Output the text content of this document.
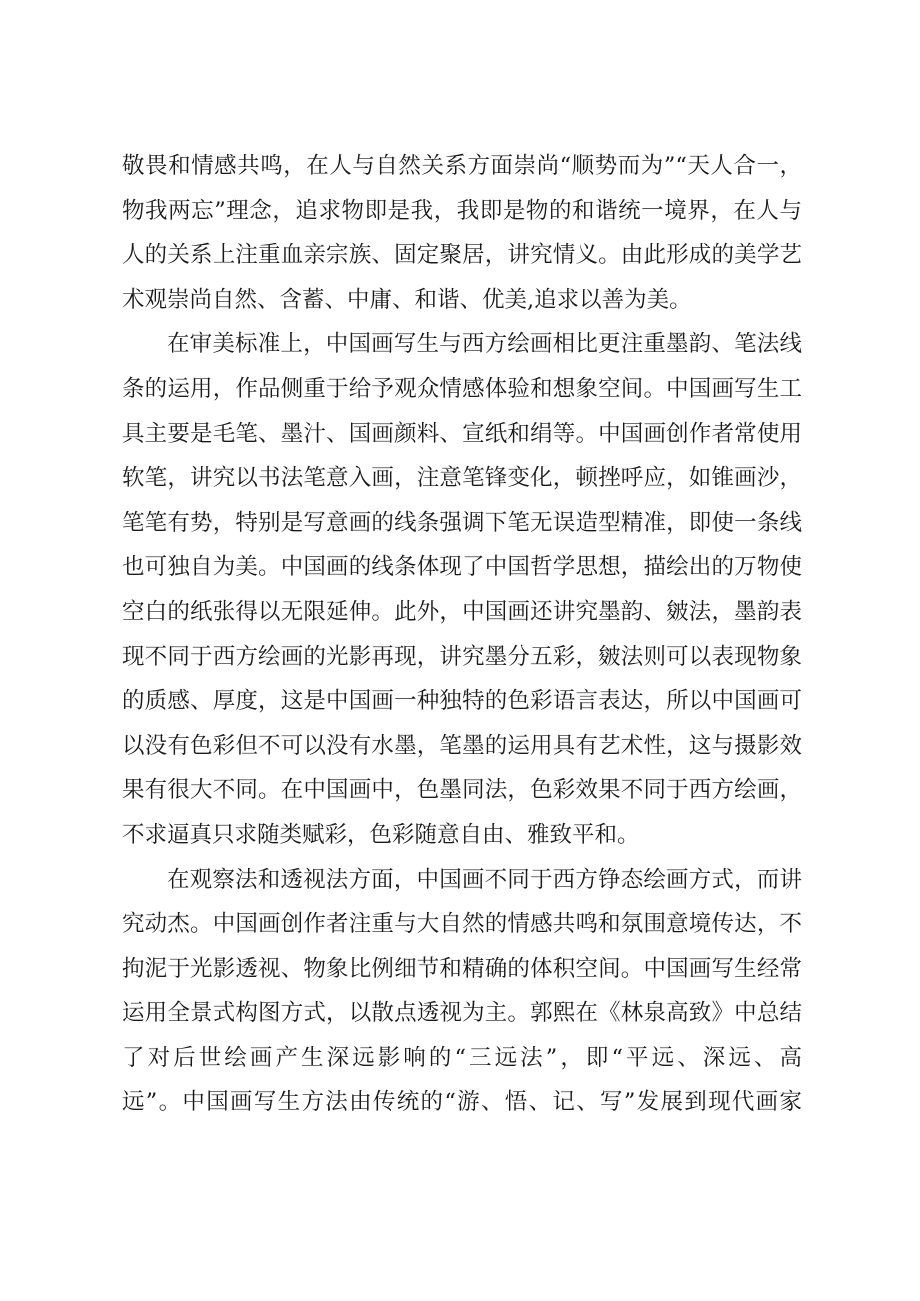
敬畏和情感共鸣，在人与自然关系方面崇尚“顺势而为”“天人合一，
物我两忘”理念，追求物即是我，我即是物的和谐统一境界，在人与
人的关系上注重血亲宗族、固定聚居，讲究情义。由此形成的美学艺
术观崇尚自然、含蓄、中庸、和谐、优美,追求以善为美。
在审美标准上，中国画写生与西方绘画相比更注重墨韵、笔法线
条的运用，作品侧重于给予观众情感体验和想象空间。中国画写生工
具主要是毛笔、墨汁、国画颜料、宣纸和绢等。中国画创作者常使用
软笔，讲究以书法笔意入画，注意笔锋变化，顿挫呼应，如锥画沙，
笔笔有势，特别是写意画的线条强调下笔无误造型精准，即使一条线
也可独自为美。中国画的线条体现了中国哲学思想，描绘出的万物使
空白的纸张得以无限延伸。此外，中国画还讲究墨韵、皴法，墨韵表
现不同于西方绘画的光影再现，讲究墨分五彩，皴法则可以表现物象
的质感、厚度，这是中国画一种独特的色彩语言表达，所以中国画可
以没有色彩但不可以没有水墨，笔墨的运用具有艺术性，这与摄影效
果有很大不同。在中国画中，色墨同法，色彩效果不同于西方绘画，
不求逼真只求随类赋彩，色彩随意自由、雅致平和。
在观察法和透视法方面，中国画不同于西方铮态绘画方式，而讲
究动杰。中国画创作者注重与大自然的情感共鸣和氛围意境传达，不
拘泥于光影透视、物象比例细节和精确的体积空间。中国画写生经常
运用全景式构图方式，以散点透视为主。郭熙在《林泉高致》中总结
了对后世绘画产生深远影响的“三远法”，即“平远、深远、高
远”。中国画写生方法由传统的“游、悟、记、写”发展到现代画家
